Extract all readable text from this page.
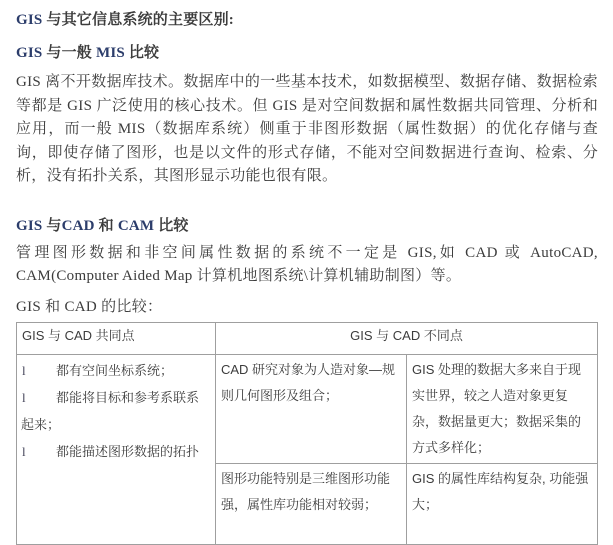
GIS 与其它信息系统的主要区别:

GIS 与一般 MIS 比较

GIS 离不开数据库技术。数据库中的一些基本技术，如数据模型、数据存储、数据检索等都是 GIS 广泛使用的核心技术。但 GIS 是对空间数据和属性数据共同管理、分析和应用，而一般 MIS（数据库系统）侧重于非图形数据（属性数据）的优化存储与查询，即使存储了图形，也是以文件的形式存储，不能对空间数据进行查询、检索、分析，没有拓扑关系，其图形显示功能也很有限。

GIS 与CAD 和 CAM 比较

管理图形数据和非空间属性数据的系统不一定是 GIS,如 CAD 或 AutoCAD, CAM(Computer Aided Map 计算机地图系统\计算机辅助制图）等。

GIS 和 CAD 的比较：

GIS 与 CAD 共同点	GIS 与 CAD 不同点	

l 都有空间坐标系统；
l 都能将目标和参考系联系
起来；
l 都能描述图形数据的拓扑	CAD 研究对象为人造对象—规则几何图形及组合；	GIS 处理的数据大多来自于现实世界，较之人造对象更复杂，数据量更大；数据采集的方式多样化；

	图形功能特别是三维图形功能强，属性库功能相对较弱；	GIS 的属性库结构复杂, 功能强大；
